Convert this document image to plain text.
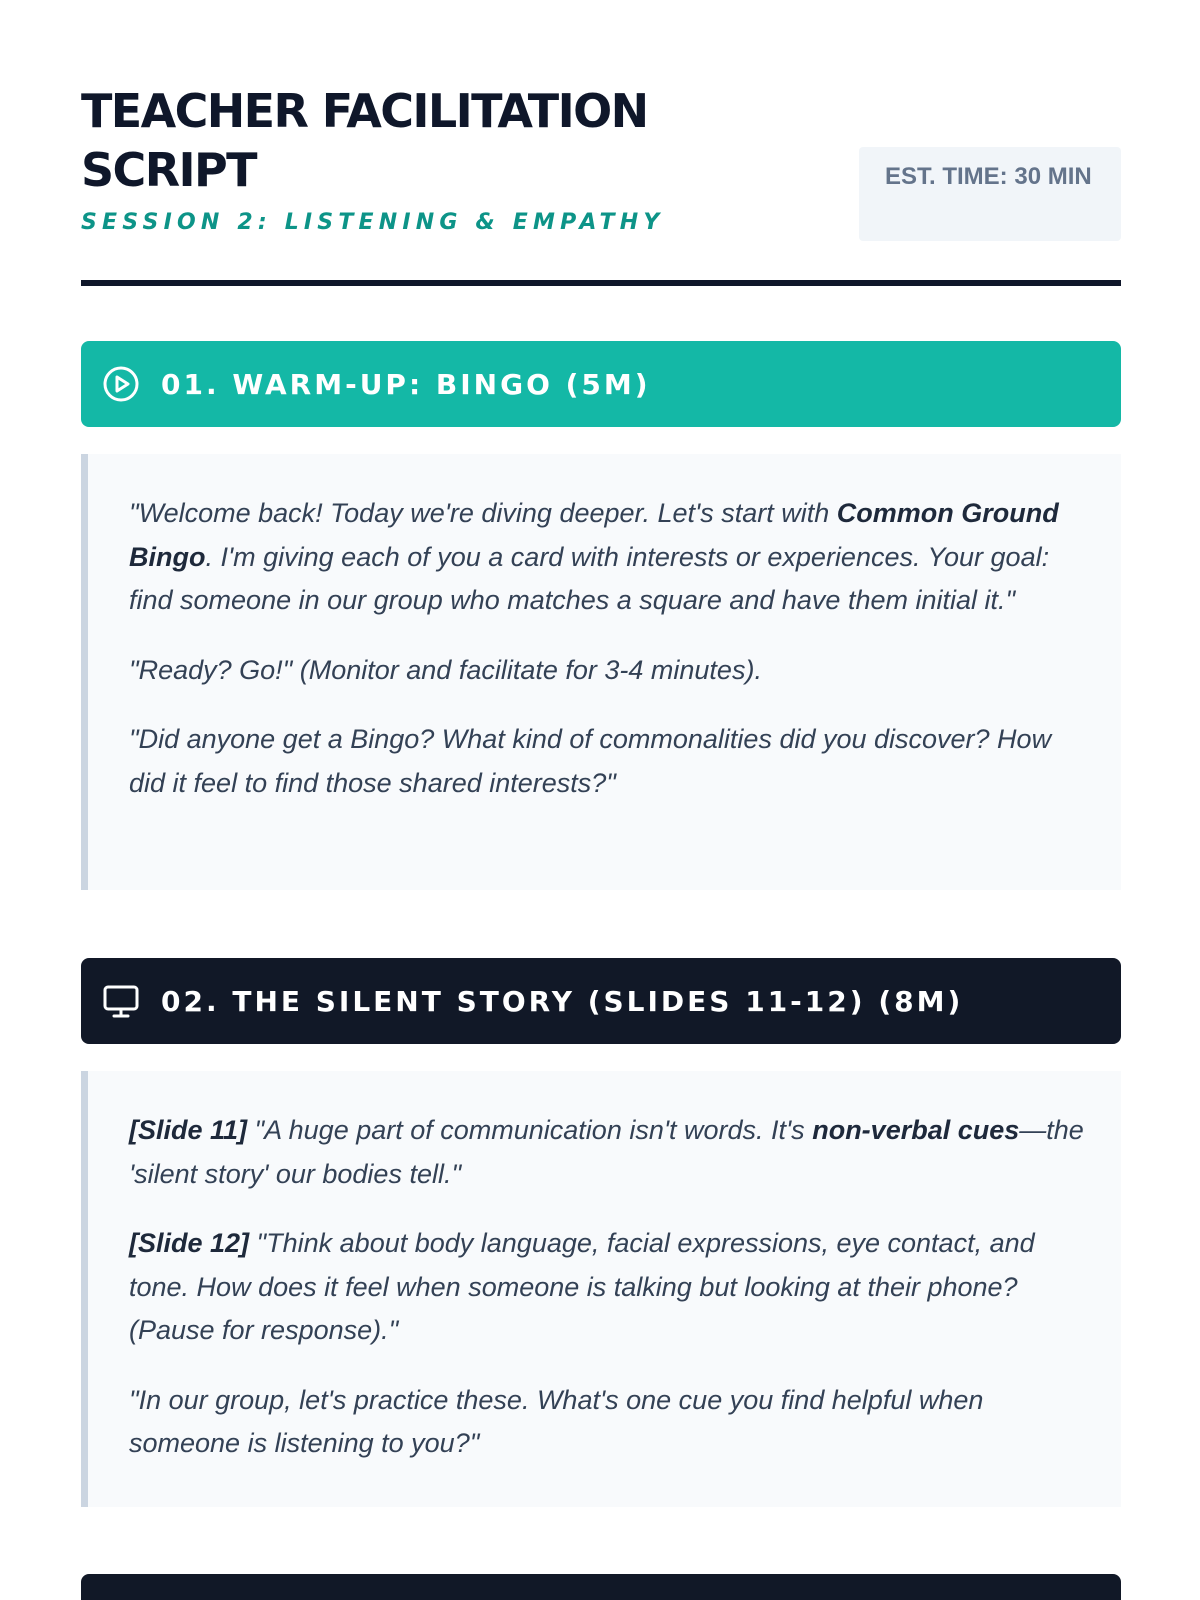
TEACHER FACILITATION SCRIPT
SESSION 2: LISTENING & EMPATHY
EST. TIME: 30 MIN
01. WARM-UP: BINGO (5M)

"Welcome back! Today we're diving deeper. Let's start with Common Ground Bingo. I'm giving each of you a card with interests or experiences. Your goal: find someone in our group who matches a square and have them initial it."

"Ready? Go!" (Monitor and facilitate for 3-4 minutes).

"Did anyone get a Bingo? What kind of commonalities did you discover? How did it feel to find those shared interests?"

02. THE SILENT STORY (SLIDES 11-12) (8M)

[Slide 11] "A huge part of communication isn't words. It's non-verbal cues—the 'silent story' our bodies tell."

[Slide 12] "Think about body language, facial expressions, eye contact, and tone. How does it feel when someone is talking but looking at their phone? (Pause for response)."

"In our group, let's practice these. What's one cue you find helpful when someone is listening to you?"
